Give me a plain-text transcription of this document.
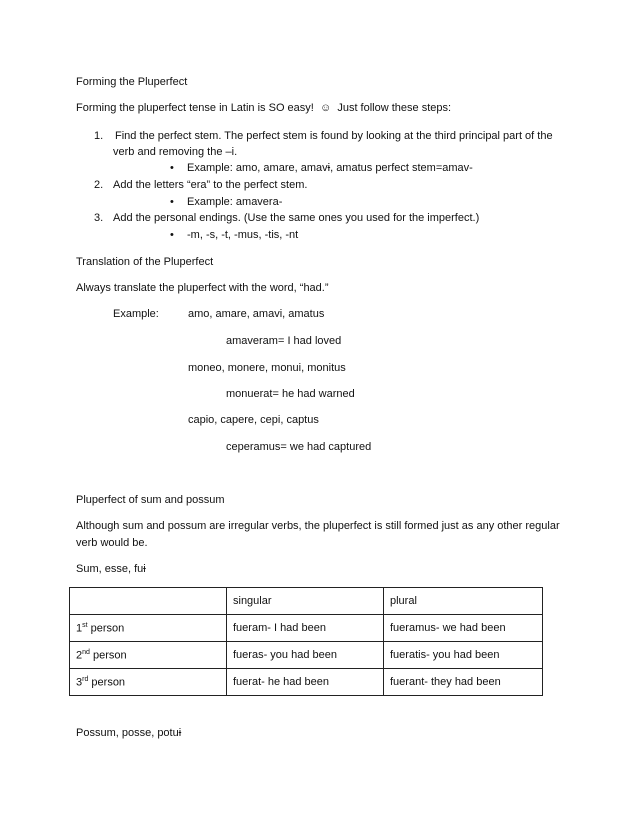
Forming the Pluperfect
Forming the pluperfect tense in Latin is SO easy! ☺ Just follow these steps:
1. Find the perfect stem. The perfect stem is found by looking at the third principal part of the
verb and removing the –i.
• Example: amo, amare, amavi, amatus perfect stem=amav-
2. Add the letters “era” to the perfect stem.
• Example: amavera-
3. Add the personal endings. (Use the same ones you used for the imperfect.)
• -m, -s, -t, -mus, -tis, -nt
Translation of the Pluperfect
Always translate the pluperfect with the word, “had.”
Example:	amo, amare, amavi, amatus
amaveram= I had loved
moneo, monere, monui, monitus
monuerat= he had warned
capio, capere, cepi, captus
ceperamus= we had captured
Pluperfect of sum and possum
Although sum and possum are irregular verbs, the pluperfect is still formed just as any other regular
verb would be.
Sum, esse, fui
	singular	plural
1st person	fueram- I had been	fueramus- we had been
2nd person	fueras- you had been	fueratis- you had been
3rd person	fuerat- he had been	fuerant- they had been
Possum, posse, potui
